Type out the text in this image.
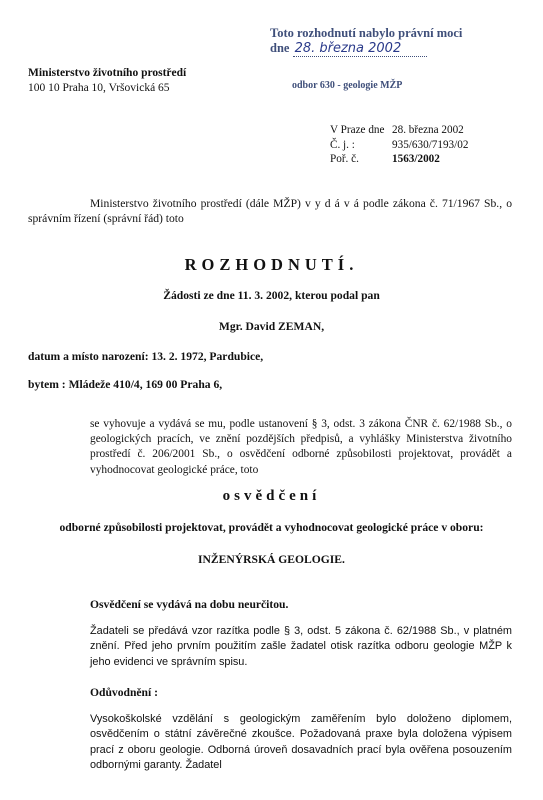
Toto rozhodnutí nabylo právní moci
dne 28. března 2002
odbor 630 - geologie MŽP
Ministerstvo životního prostředí
100 10 Praha 10, Vršovická 65
V Praze dne	28. března 2002
Č. j. :	935/630/7193/02
Poř. č.	1563/2002
Ministerstvo životního prostředí (dále MŽP) v y d á v á podle zákona č. 71/1967 Sb., o správním řízení (správní řád) toto
ROZHODNUTÍ.
Žádosti ze dne 11. 3. 2002, kterou podal pan
Mgr. David ZEMAN,
datum a místo narození: 13. 2. 1972, Pardubice,
bytem : Mládeže 410/4, 169 00 Praha 6,
se vyhovuje a vydává se mu, podle ustanovení § 3, odst. 3 zákona ČNR č. 62/1988 Sb., o geologických pracích, ve znění pozdějších předpisů, a vyhlášky Ministerstva životního prostředí č. 206/2001 Sb., o osvědčení odborné způsobilosti projektovat, provádět a vyhodnocovat geologické práce, toto
osvědčení
odborné způsobilosti projektovat, provádět a vyhodnocovat geologické práce v oboru:
INŽENÝRSKÁ GEOLOGIE.
Osvědčení se vydává na dobu neurčitou.
Žadateli se předává vzor razítka podle § 3, odst. 5 zákona č. 62/1988 Sb., v platném znění. Před jeho prvním použitím zašle žadatel otisk razítka odboru geologie MŽP k jeho evidenci ve správním spisu.
Odůvodnění :
Vysokoškolské vzdělání s geologickým zaměřením bylo doloženo diplomem, osvědčením o státní závěrečné zkoušce. Požadovaná praxe byla doložena výpisem prací z oboru geologie. Odborná úroveň dosavadních prací byla ověřena posouzením odbornými garanty. Žadatel
